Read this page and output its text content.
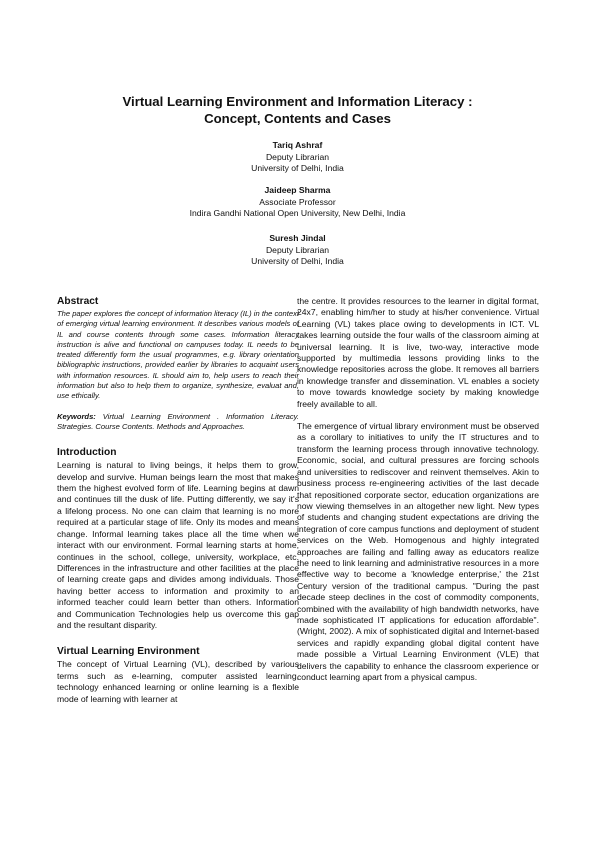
Virtual Learning Environment and Information Literacy :
Concept, Contents and Cases
Tariq Ashraf
Deputy Librarian
University of Delhi, India
Jaideep Sharma
Associate Professor
Indira Gandhi National Open University, New Delhi, India
Suresh Jindal
Deputy Librarian
University of Delhi, India
Abstract

The paper explores the concept of information literacy (IL) in the context of emerging virtual learning environment. It describes various models of IL and course contents through some cases. Information literacy instruction is alive and functional on campuses today. IL needs to be treated differently form the usual programmes, e.g. library orientation bibliographic instructions, provided earlier by libraries to acquaint users with information resources. IL should aim to, help users to reach their information but also to help them to organize, synthesize, evaluat and, use ethically.

Keywords: Virtual Learning Environment . Information Literacy. Strategies. Course Contents. Methods and Approaches.

Introduction

Learning is natural to living beings, it helps them to grow, develop and survive. Human beings learn the most that makes them the highest evolved form of life. Learning begins at dawn and continues till the dusk of life. Putting differently, we say it's a lifelong process. No one can claim that learning is no more required at a particular stage of life. Only its modes and means change. Informal learning takes place all the time when we interact with our environment. Formal learning starts at home, continues in the school, college, university, workplace, etc. Differences in the infrastructure and other facilities at the place of learning create gaps and divides among individuals. Those having better access to information and proximity to an informed teacher could learn better than others. Information and Communication Technologies help us overcome this gap and the resultant disparity.

Virtual Learning Environment

The concept of Virtual Learning (VL), described by various terms such as e-learning, computer assisted learning, technology enhanced learning or online learning is a flexible mode of learning with learner at

the centre. It provides resources to the learner in digital format, 24x7, enabling him/her to study at his/her convenience. Virtual Learning (VL) takes place owing to developments in ICT. VL takes learning outside the four walls of the classroom aiming at universal learning. It is live, two-way, interactive mode supported by multimedia lessons providing links to the knowledge repositories across the globe. It removes all barriers in knowledge transfer and dissemination. VL enables a society to move towards knowledge society by making knowledge freely available to all.

The emergence of virtual library environment must be observed as a corollary to initiatives to unify the IT structures and to transform the learning process through innovative technology. Economic, social, and cultural pressures are forcing schools and universities to rediscover and reinvent themselves. Akin to business process re-engineering activities of the last decade that repositioned corporate sector, education organizations are now viewing themselves in an altogether new light. New types of students and changing student expectations are driving the integration of core campus functions and deployment of student services on the Web. Homogenous and highly integrated approaches are failing and falling away as educators realize the need to link learning and administrative resources in a more effective way to become a 'knowledge enterprise,' the 21st Century version of the traditional campus. "During the past decade steep declines in the cost of commodity components, combined with the availability of high bandwidth networks, have made sophisticated IT applications for education affordable". (Wright, 2002). A mix of sophisticated digital and Internet-based services and rapidly expanding global digital content have made possible a Virtual Learning Environment (VLE) that delivers the capability to enhance the classroom experience or conduct learning apart from a physical campus.
